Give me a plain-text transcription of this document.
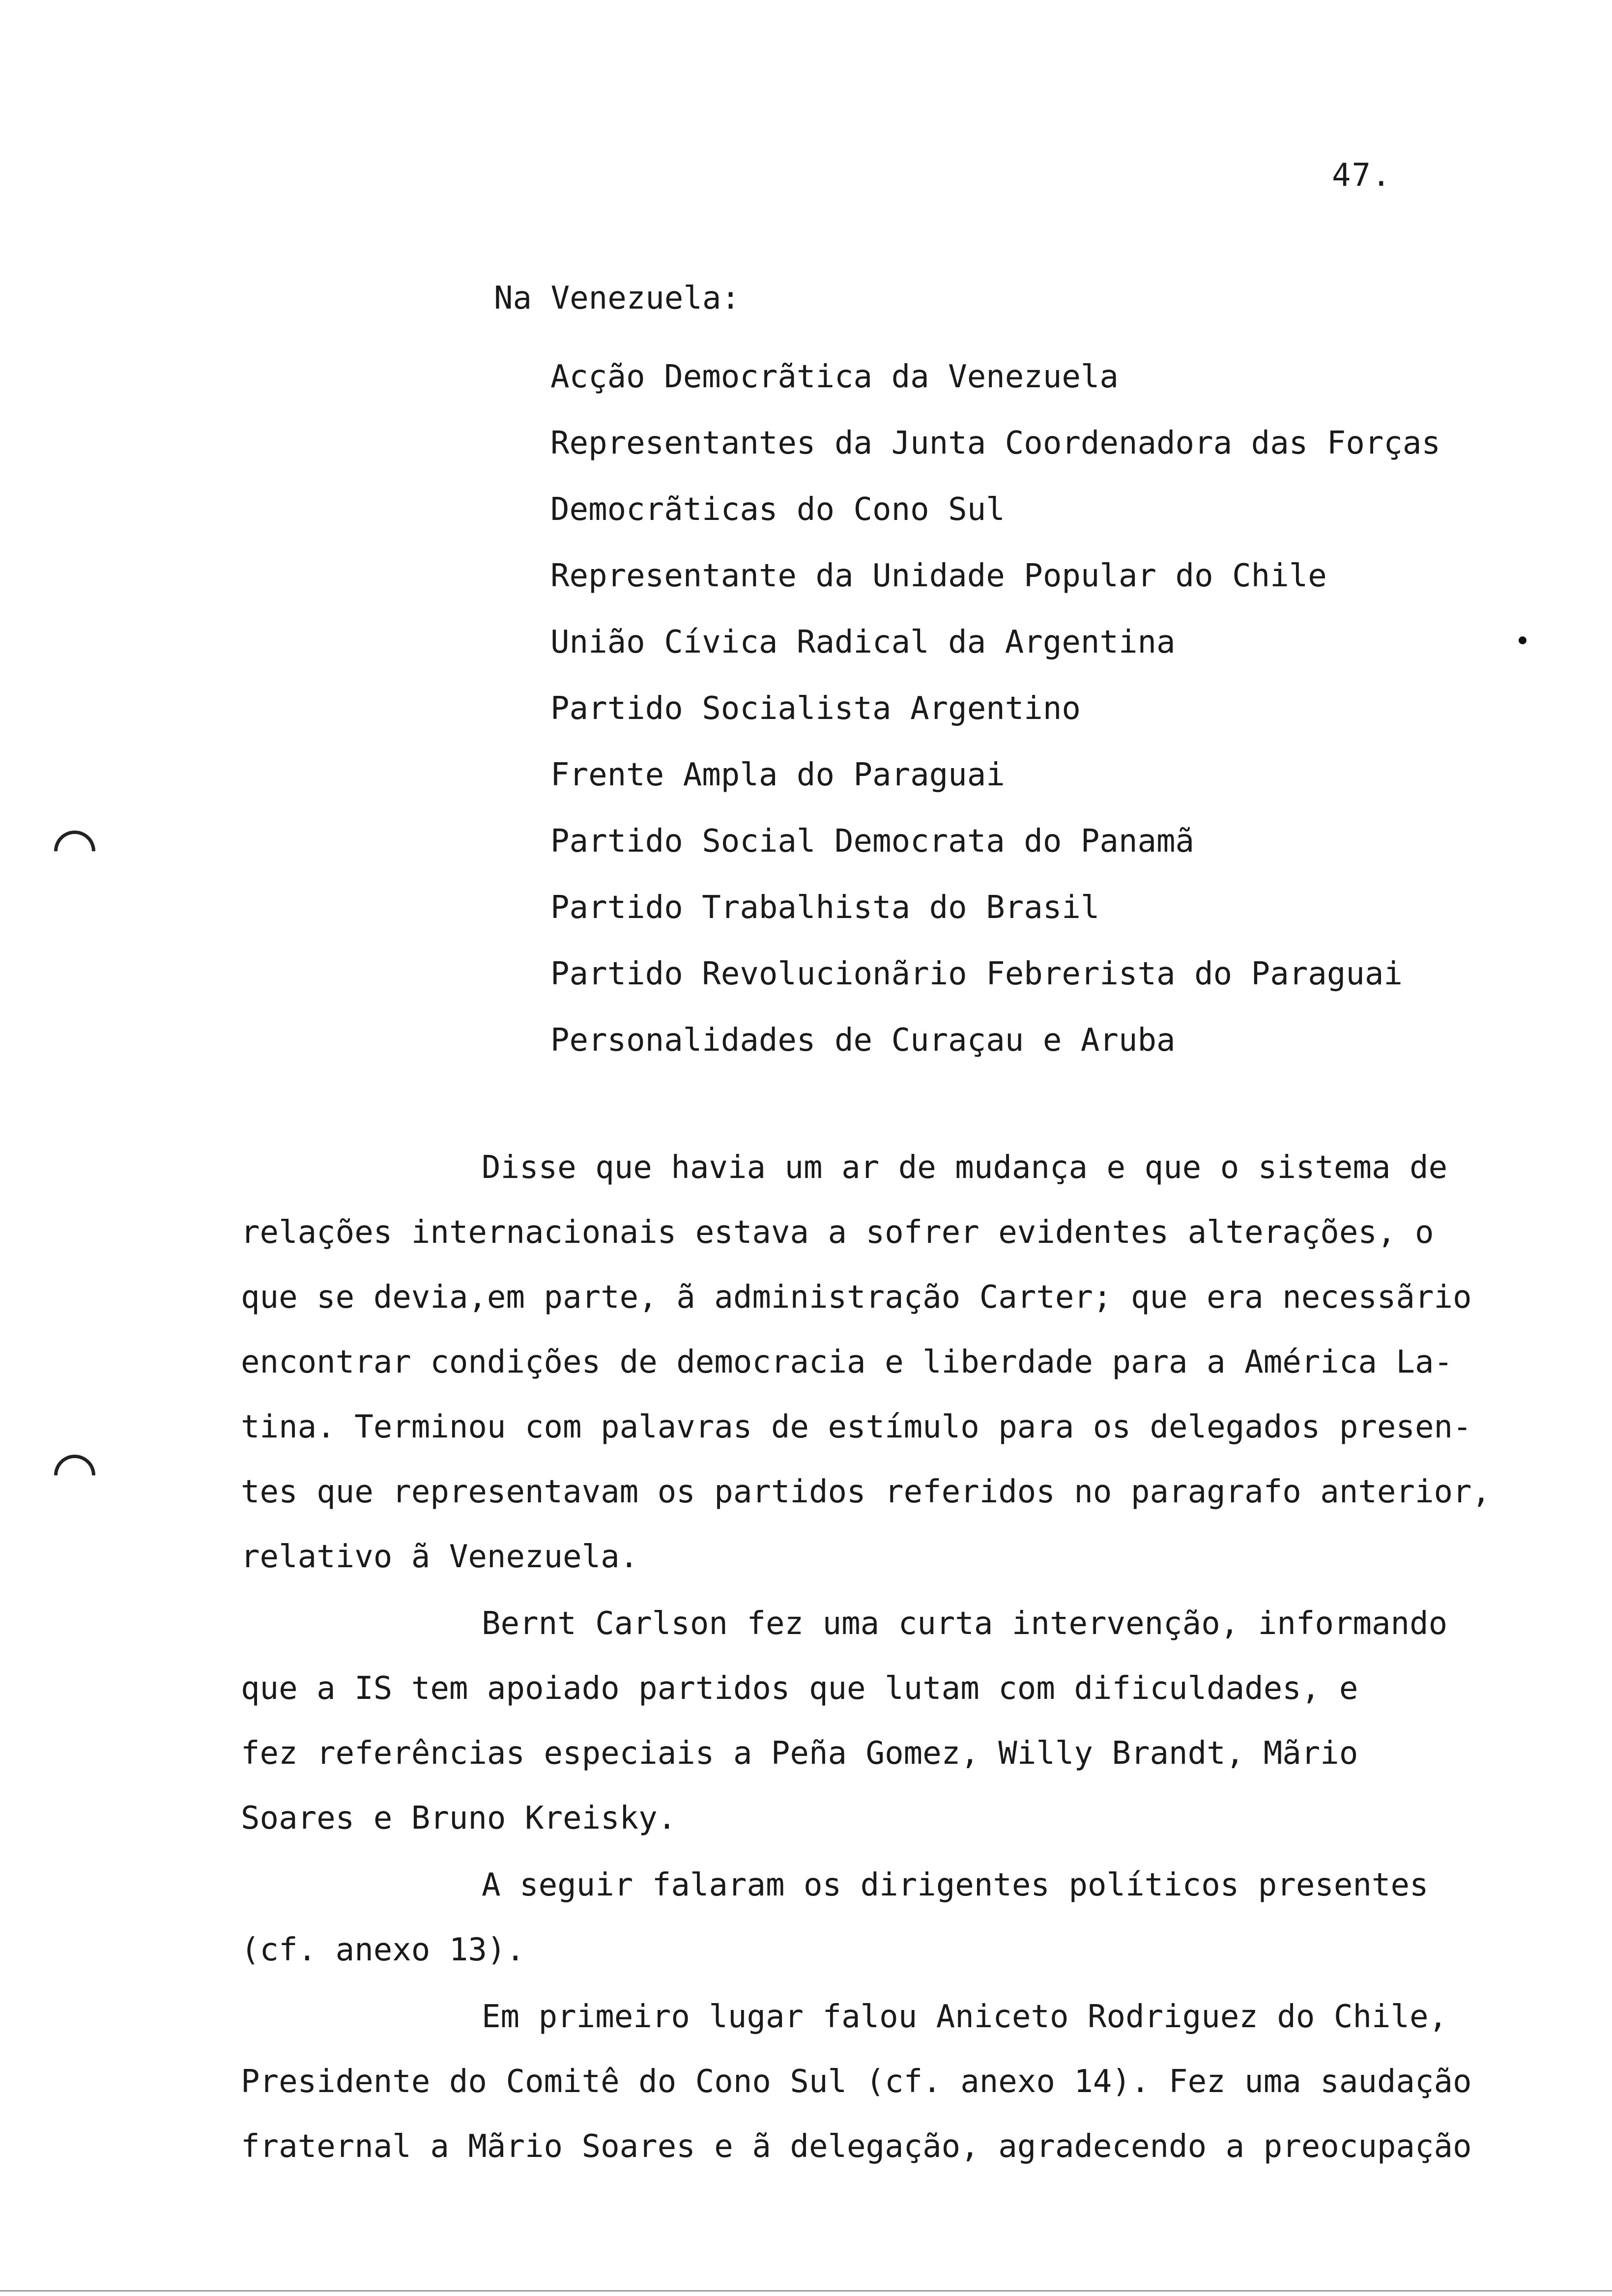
47.
Na Venezuela:
Acção Democrãtica da Venezuela
Representantes da Junta Coordenadora das Forças
Democrãticas do Cono Sul
Representante da Unidade Popular do Chile
União Cívica Radical da Argentina
Partido Socialista Argentino
Frente Ampla do Paraguai
Partido Social Democrata do Panamã
Partido Trabalhista do Brasil
Partido Revolucionãrio Febrerista do Paraguai
Personalidades de Curaçau e Aruba
Disse que havia um ar de mudança e que o sistema de
relações internacionais estava a sofrer evidentes alterações, o
que se devia,em parte, ã administração Carter; que era necessãrio
encontrar condições de democracia e liberdade para a América La-
tina. Terminou com palavras de estímulo para os delegados presen-
tes que representavam os partidos referidos no paragrafo anterior,
relativo ã Venezuela.
Bernt Carlson fez uma curta intervenção, informando
que a IS tem apoiado partidos que lutam com dificuldades, e
fez referências especiais a Peña Gomez, Willy Brandt, Mãrio
Soares e Bruno Kreisky.
A seguir falaram os dirigentes políticos presentes
(cf. anexo 13).
Em primeiro lugar falou Aniceto Rodriguez do Chile,
Presidente do Comitê do Cono Sul (cf. anexo 14). Fez uma saudação
fraternal a Mãrio Soares e ã delegação, agradecendo a preocupação
